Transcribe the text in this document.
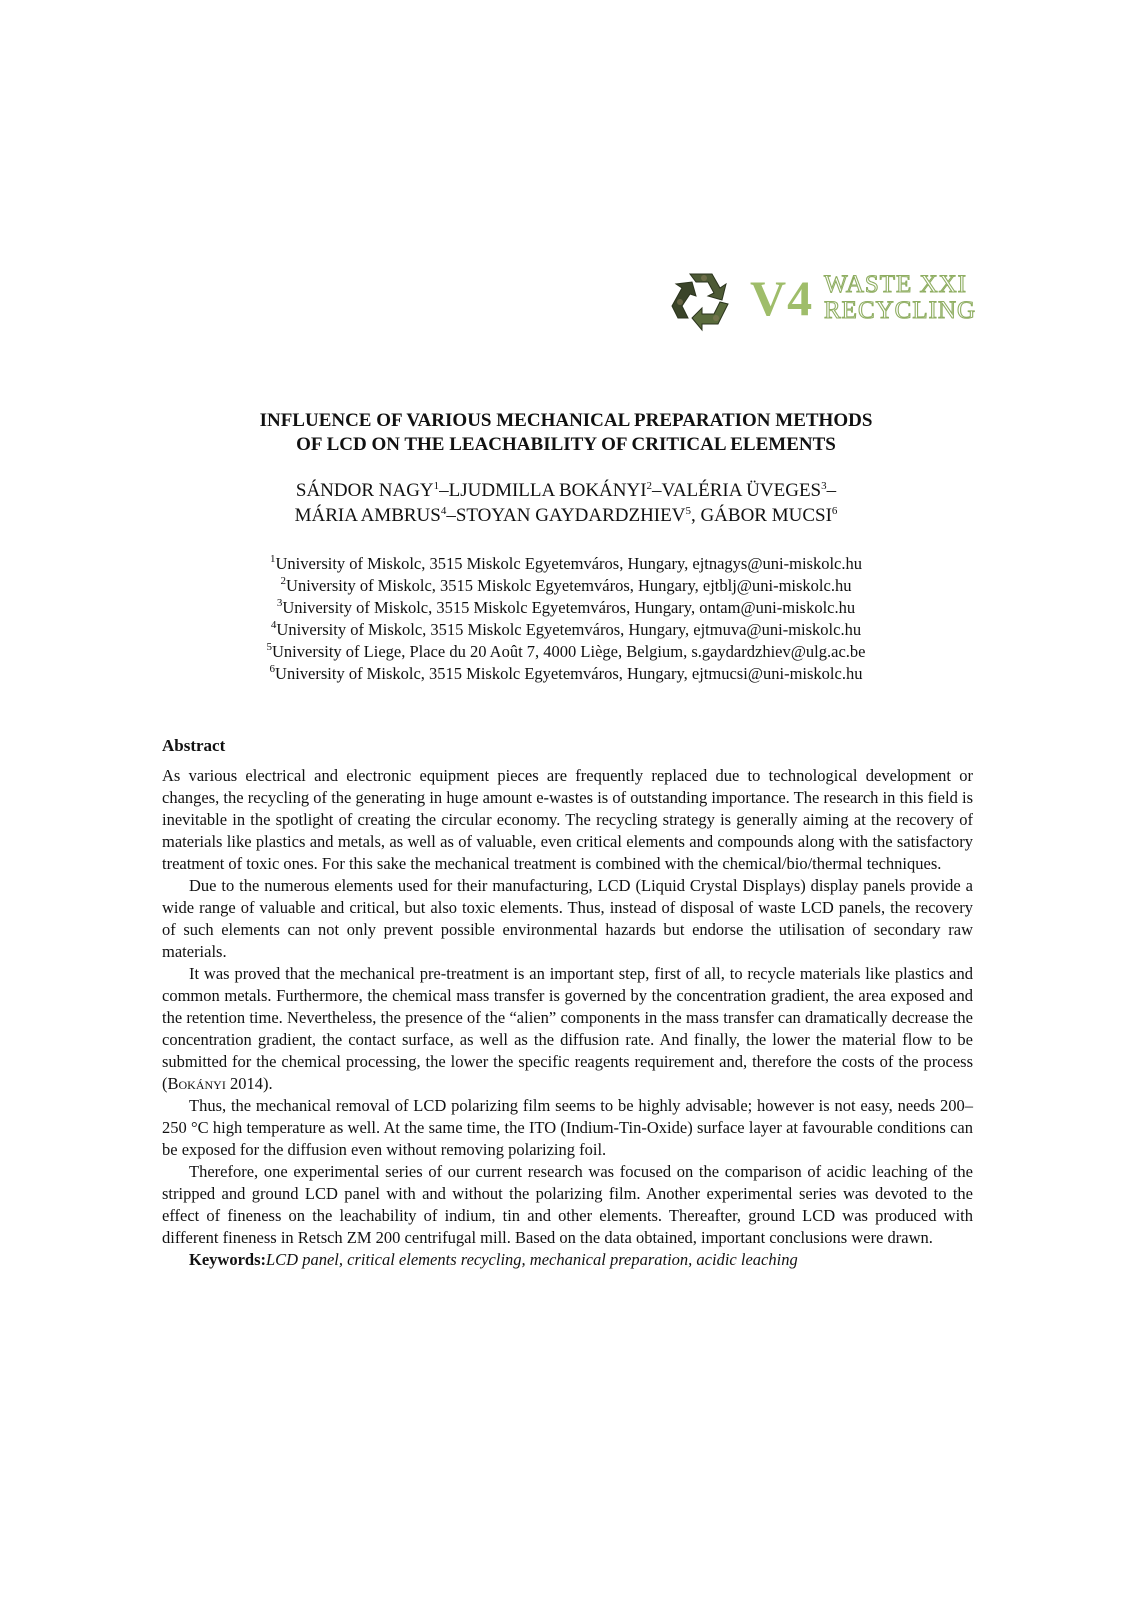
V4 WASTE XXI
RECYCLING
INFLUENCE OF VARIOUS MECHANICAL PREPARATION METHODS
OF LCD ON THE LEACHABILITY OF CRITICAL ELEMENTS
SÁNDOR NAGY$^1$–LJUDMILLA BOKÁNYI$^2$–VALÉRIA ÜVEGES$^3$–
MÁRIA AMBRUS$^4$–STOYAN GAYDARDZHIEV$^5$, GÁBOR MUCSI$^6$
$^1$University of Miskolc, 3515 Miskolc Egyetemváros, Hungary, ejtnagys@uni-miskolc.hu
$^2$University of Miskolc, 3515 Miskolc Egyetemváros, Hungary, ejtblj@uni-miskolc.hu
$^3$University of Miskolc, 3515 Miskolc Egyetemváros, Hungary, ontam@uni-miskolc.hu
$^4$University of Miskolc, 3515 Miskolc Egyetemváros, Hungary, ejtmuva@uni-miskolc.hu
$^5$University of Liege, Place du 20 Août 7, 4000 Liège, Belgium, s.gaydardzhiev@ulg.ac.be
$^6$University of Miskolc, 3515 Miskolc Egyetemváros, Hungary, ejtmucsi@uni-miskolc.hu
Abstract

As various electrical and electronic equipment pieces are frequently replaced due to technological development or changes, the recycling of the generating in huge amount e-wastes is of outstanding importance. The research in this field is inevitable in the spotlight of creating the circular economy. The recycling strategy is generally aiming at the recovery of materials like plastics and metals, as well as of valuable, even critical elements and compounds along with the satisfactory treatment of toxic ones. For this sake the mechanical treatment is combined with the chemical/bio/thermal techniques.

Due to the numerous elements used for their manufacturing, LCD (Liquid Crystal Displays) display panels provide a wide range of valuable and critical, but also toxic elements. Thus, instead of disposal of waste LCD panels, the recovery of such elements can not only prevent possible environmental hazards but endorse the utilisation of secondary raw materials.

It was proved that the mechanical pre-treatment is an important step, first of all, to recycle materials like plastics and common metals. Furthermore, the chemical mass transfer is governed by the concentration gradient, the area exposed and the retention time. Nevertheless, the presence of the “alien” components in the mass transfer can dramatically decrease the concentration gradient, the contact surface, as well as the diffusion rate. And finally, the lower the material flow to be submitted for the chemical processing, the lower the specific reagents requirement and, therefore the costs of the process (Bokányi 2014).

Thus, the mechanical removal of LCD polarizing film seems to be highly advisable; however is not easy, needs 200–250 °C high temperature as well. At the same time, the ITO (Indium-Tin-Oxide) surface layer at favourable conditions can be exposed for the diffusion even without removing polarizing foil.

Therefore, one experimental series of our current research was focused on the comparison of acidic leaching of the stripped and ground LCD panel with and without the polarizing film. Another experimental series was devoted to the effect of fineness on the leachability of indium, tin and other elements. Thereafter, ground LCD was produced with different fineness in Retsch ZM 200 centrifugal mill. Based on the data obtained, important conclusions were drawn.

Keywords:LCD panel, critical elements recycling, mechanical preparation, acidic leaching
